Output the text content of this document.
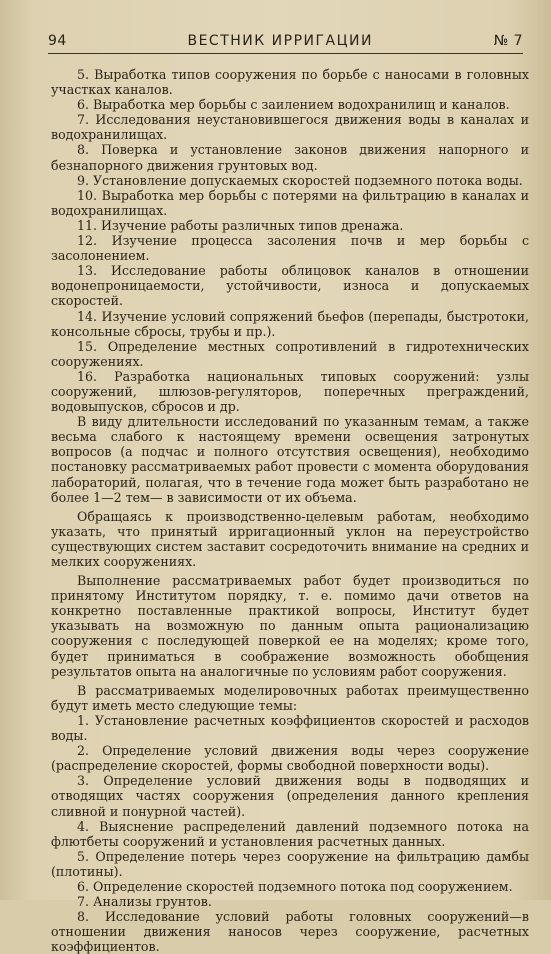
94	ВЕСТНИК ИРРИГАЦИИ	№ 7

5. Выработка типов сооружения по борьбе с наносами в головных участках каналов.

6. Выработка мер борьбы с заилением водохранилищ и каналов.

7. Исследования неустановившегося движения воды в каналах и водохранилищах.

8. Поверка и установление законов движения напорного и безнапорного движения грунтовых вод.

9. Установление допускаемых скоростей подземного потока воды.

10. Выработка мер борьбы с потерями на фильтрацию в каналах и водохранилищах.

11. Изучение работы различных типов дренажа.

12. Изучение процесса засоления почв и мер борьбы с засолонением.

13. Исследование работы облицовок каналов в отношении водонепроницаемости, устойчивости, износа и допускаемых скоростей.

14. Изучение условий сопряжений бьефов (перепады, быстротоки, консольные сбросы, трубы и пр.).

15. Определение местных сопротивлений в гидротехнических сооружениях.

16. Разработка национальных типовых сооружений: узлы сооружений, шлюзов-регуляторов, поперечных преграждений, водовыпусков, сбросов и др.

В виду длительности исследований по указанным темам, а также весьма слабого к настоящему времени освещения затронутых вопросов (а подчас и полного отсутствия освещения), необходимо постановку рассматриваемых работ провести с момента оборудования лабораторий, полагая, что в течение года может быть разработано не более 1—2 тем— в зависимости от их объема.

Обращаясь к производственно-целевым работам, необходимо указать, что принятый ирригационный уклон на переустройство существующих систем заставит сосредоточить внимание на средних и мелких сооружениях.

Выполнение рассматриваемых работ будет производиться по принятому Институтом порядку, т. е. помимо дачи ответов на конкретно поставленные практикой вопросы, Институт будет указывать на возможную по данным опыта рационализацию сооружения с последующей поверкой ее на моделях; кроме того, будет приниматься в соображение возможность обобщения результатов опыта на аналогичные по условиям работ сооружения.

В рассматриваемых моделировочных работах преимущественно будут иметь место следующие темы:

1. Установление расчетных коэффициентов скоростей и расходов воды.

2. Определение условий движения воды через сооружение (распределение скоростей, формы свободной поверхности воды).

3. Определение условий движения воды в подводящих и отводящих частях сооружения (определения данного крепления сливной и понурной частей).

4. Выяснение распределений давлений подземного потока на флютбеты сооружений и установления расчетных данных.

5. Определение потерь через сооружение на фильтрацию дамбы (плотины).

6. Определение скоростей подземного потока под сооружением.

7. Анализы грунтов.

8. Исследование условий работы головных сооружений—в отношении движения наносов через сооружение, расчетных коэффициентов.
